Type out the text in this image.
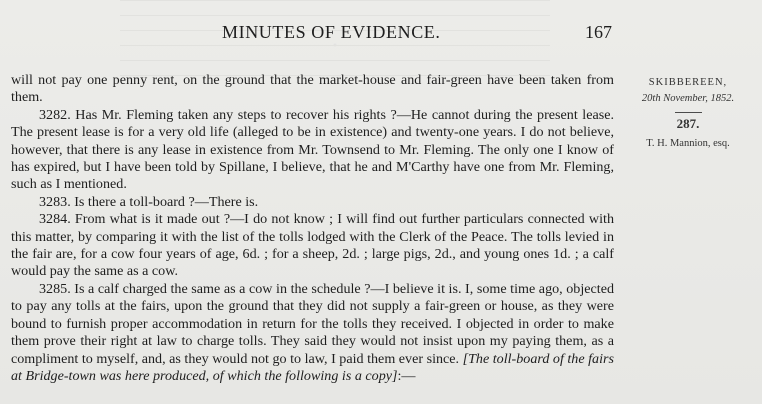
MINUTES OF EVIDENCE.	167

will not pay one penny rent, on the ground that the market-house and fair-green have been taken from them.

3282. Has Mr. Fleming taken any steps to recover his rights ?—He cannot during the present lease. The present lease is for a very old life (alleged to be in existence) and twenty-one years. I do not believe, however, that there is any lease in existence from Mr. Townsend to Mr. Fleming. The only one I know of has expired, but I have been told by Spillane, I believe, that he and M'Carthy have one from Mr. Fleming, such as I mentioned.

3283. Is there a toll-board ?—There is.

3284. From what is it made out ?—I do not know ; I will find out further particulars connected with this matter, by comparing it with the list of the tolls lodged with the Clerk of the Peace. The tolls levied in the fair are, for a cow four years of age, 6d. ; for a sheep, 2d. ; large pigs, 2d., and young ones 1d. ; a calf would pay the same as a cow.

3285. Is a calf charged the same as a cow in the schedule ?—I believe it is. I, some time ago, objected to pay any tolls at the fairs, upon the ground that they did not supply a fair-green or house, as they were bound to furnish proper accommodation in return for the tolls they received. I objected in order to make them prove their right at law to charge tolls. They said they would not insist upon my paying them, as a compliment to myself, and, as they would not go to law, I paid them ever since. [The toll-board of the fairs at Bridge-town was here produced, of which the following is a copy]:—

SKIBBEREEN,
20th November, 1852.
287.
T. H. Mannion, esq.
